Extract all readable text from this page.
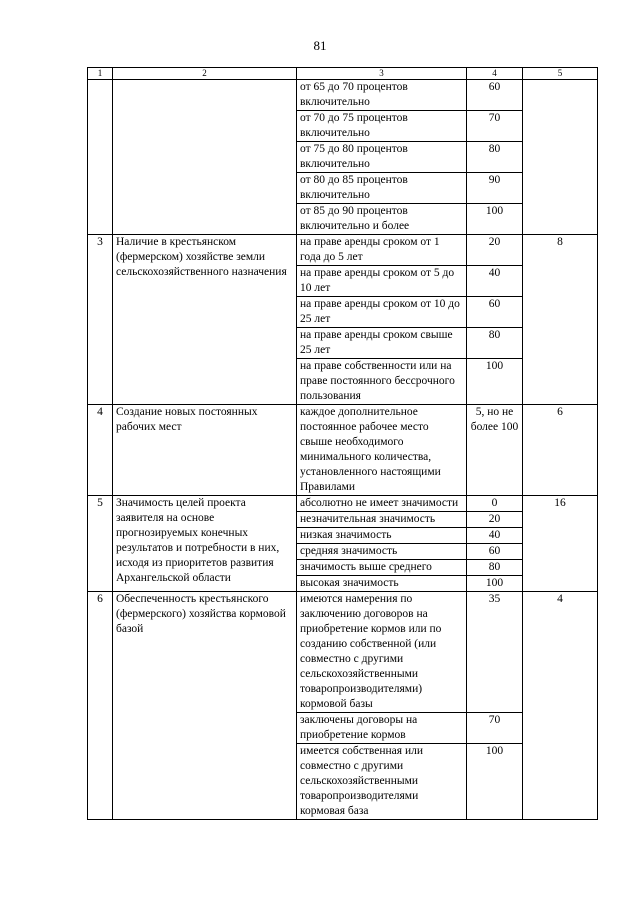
81
1	2	3	4	5
		от 65 до 70 процентов включительно	60	
		от 70 до 75 процентов включительно	70	
		от 75 до 80 процентов включительно	80	
		от 80 до 85 процентов включительно	90	
		от 85 до 90 процентов включительно и более	100	
3	Наличие в крестьянском (фермерском) хозяйстве земли сельскохозяйственного назначения	на праве аренды сроком от 1 года до 5 лет	20	8
		на праве аренды сроком от 5 до 10 лет	40	
		на праве аренды сроком от 10 до 25 лет	60	
		на праве аренды сроком свыше 25 лет	80	
		на праве собственности или на праве постоянного бессрочного пользования	100	
4	Создание новых постоянных рабочих мест	каждое дополнительное постоянное рабочее место свыше необходимого минимального количества, установленного настоящими Правилами	5, но не более 100	6
5	Значимость целей проекта заявителя на основе прогнозируемых конечных результатов и потребности в них, исходя из приоритетов развития Архангельской области	абсолютно не имеет значимости	0	16
		незначительная значимость	20	
		низкая значимость	40	
		средняя значимость	60	
		значимость выше среднего	80	
		высокая значимость	100	
6	Обеспеченность крестьянского (фермерского) хозяйства кормовой базой	имеются намерения по заключению договоров на приобретение кормов или по созданию собственной (или совместно с другими сельскохозяйственными товаропроизводителями) кормовой базы	35	4
		заключены договоры на приобретение кормов	70	
		имеется собственная или совместно с другими сельскохозяйственными товаропроизводителями кормовая база	100	
